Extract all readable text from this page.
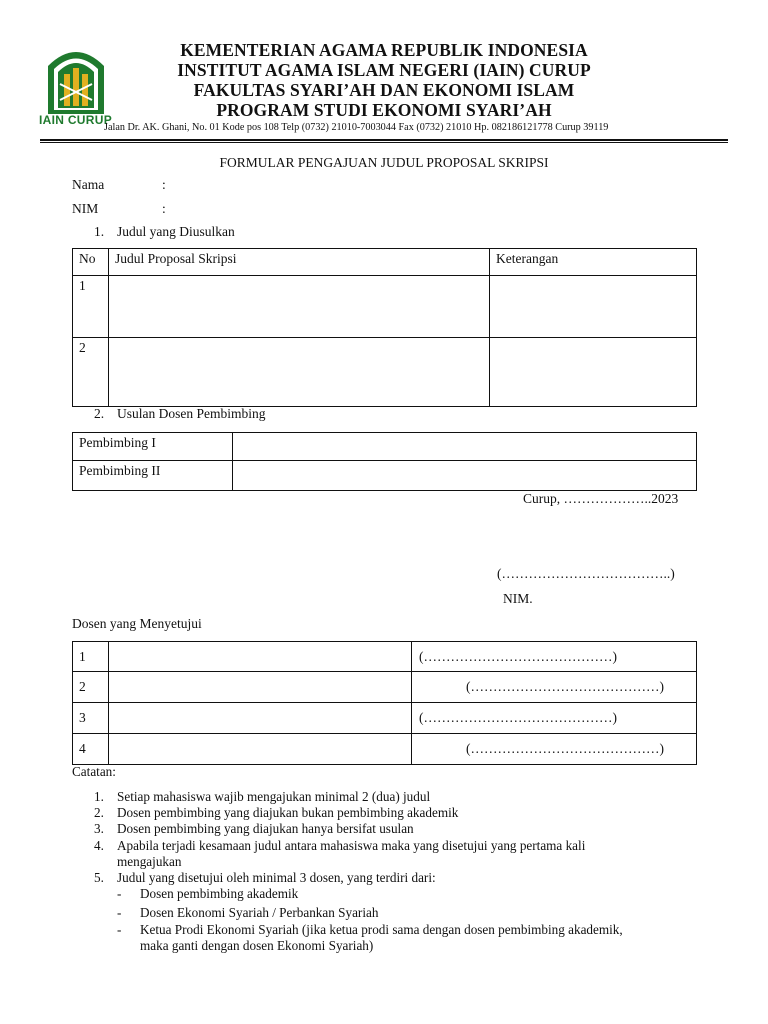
IAIN CURUP
KEMENTERIAN AGAMA REPUBLIK INDONESIA
INSTITUT AGAMA ISLAM NEGERI (IAIN) CURUP
FAKULTAS SYARI’AH DAN EKONOMI ISLAM
PROGRAM STUDI EKONOMI SYARI’AH
Jalan Dr. AK. Ghani, No. 01 Kode pos 108 Telp (0732) 21010-7003044 Fax (0732) 21010 Hp. 082186121778 Curup 39119
FORMULAR PENGAJUAN JUDUL PROPOSAL SKRIPSI
Nama	:
NIM	:
1. Judul yang Diusulkan
No	Judul Proposal Skripsi	Keterangan
1		
2		
2. Usulan Dosen Pembimbing
Pembimbing I	
Pembimbing II	
Curup, ………………..2023
(………………………………..)
NIM.
Dosen yang Menyetujui
1		(……………………………………)
2		(……………………………………)
3		(……………………………………)
4		(……………………………………)
Catatan:
1. Setiap mahasiswa wajib mengajukan minimal 2 (dua) judul
2. Dosen pembimbing yang diajukan bukan pembimbing akademik
3. Dosen pembimbing yang diajukan hanya bersifat usulan
4. Apabila terjadi kesamaan judul antara mahasiswa maka yang disetujui yang pertama kali
mengajukan
5. Judul yang disetujui oleh minimal 3 dosen, yang terdiri dari:
- Dosen pembimbing akademik
- Dosen Ekonomi Syariah / Perbankan Syariah
- Ketua Prodi Ekonomi Syariah (jika ketua prodi sama dengan dosen pembimbing akademik,
maka ganti dengan dosen Ekonomi Syariah)
